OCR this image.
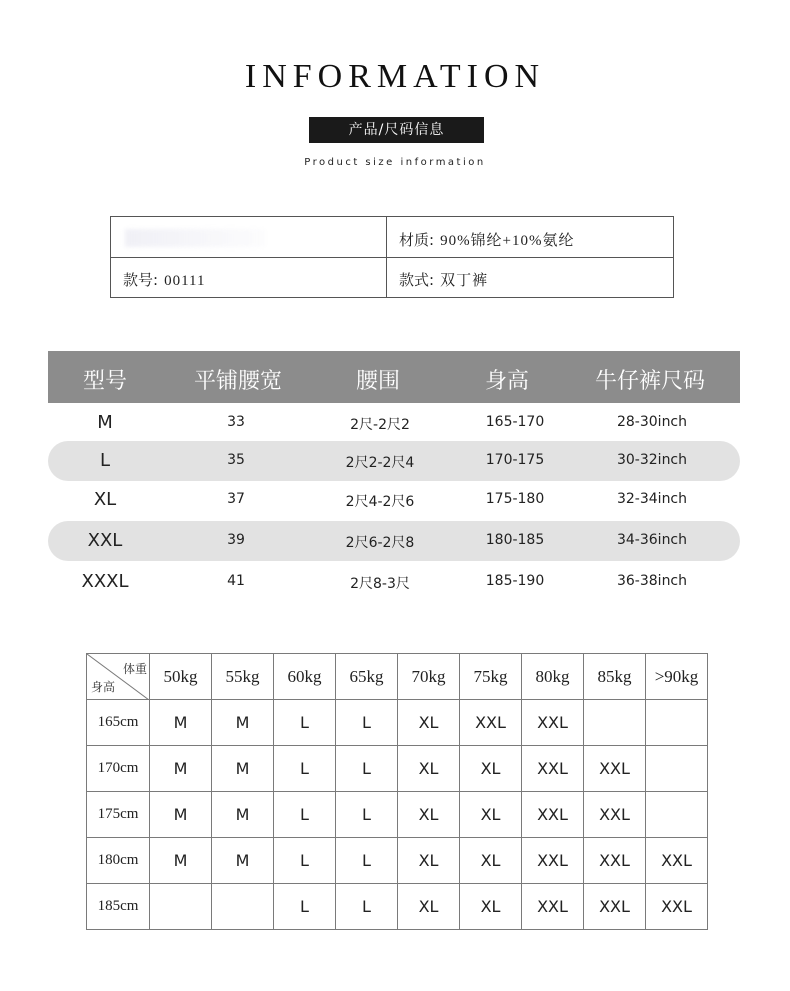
INFORMATION
产品/尺码信息
Product size information
材质: 90%锦纶+10%氨纶
款号: 00111	款式: 双丁裤
型号	平铺腰宽	腰围	身高	牛仔裤尺码
M	33	2尺-2尺2	165-170	28-30inch
L	35	2尺2-2尺4	170-175	30-32inch
XL	37	2尺4-2尺6	175-180	32-34inch
XXL	39	2尺6-2尺8	180-185	34-36inch
XXXL	41	2尺8-3尺	185-190	36-38inch
体重
身高	50kg	55kg	60kg	65kg	70kg	75kg	80kg	85kg	>90kg
165cm	M	M	L	L	XL	XXL	XXL		
170cm	M	M	L	L	XL	XL	XXL	XXL	
175cm	M	M	L	L	XL	XL	XXL	XXL	
180cm	M	M	L	L	XL	XL	XXL	XXL	XXL
185cm			L	L	XL	XL	XXL	XXL	XXL
